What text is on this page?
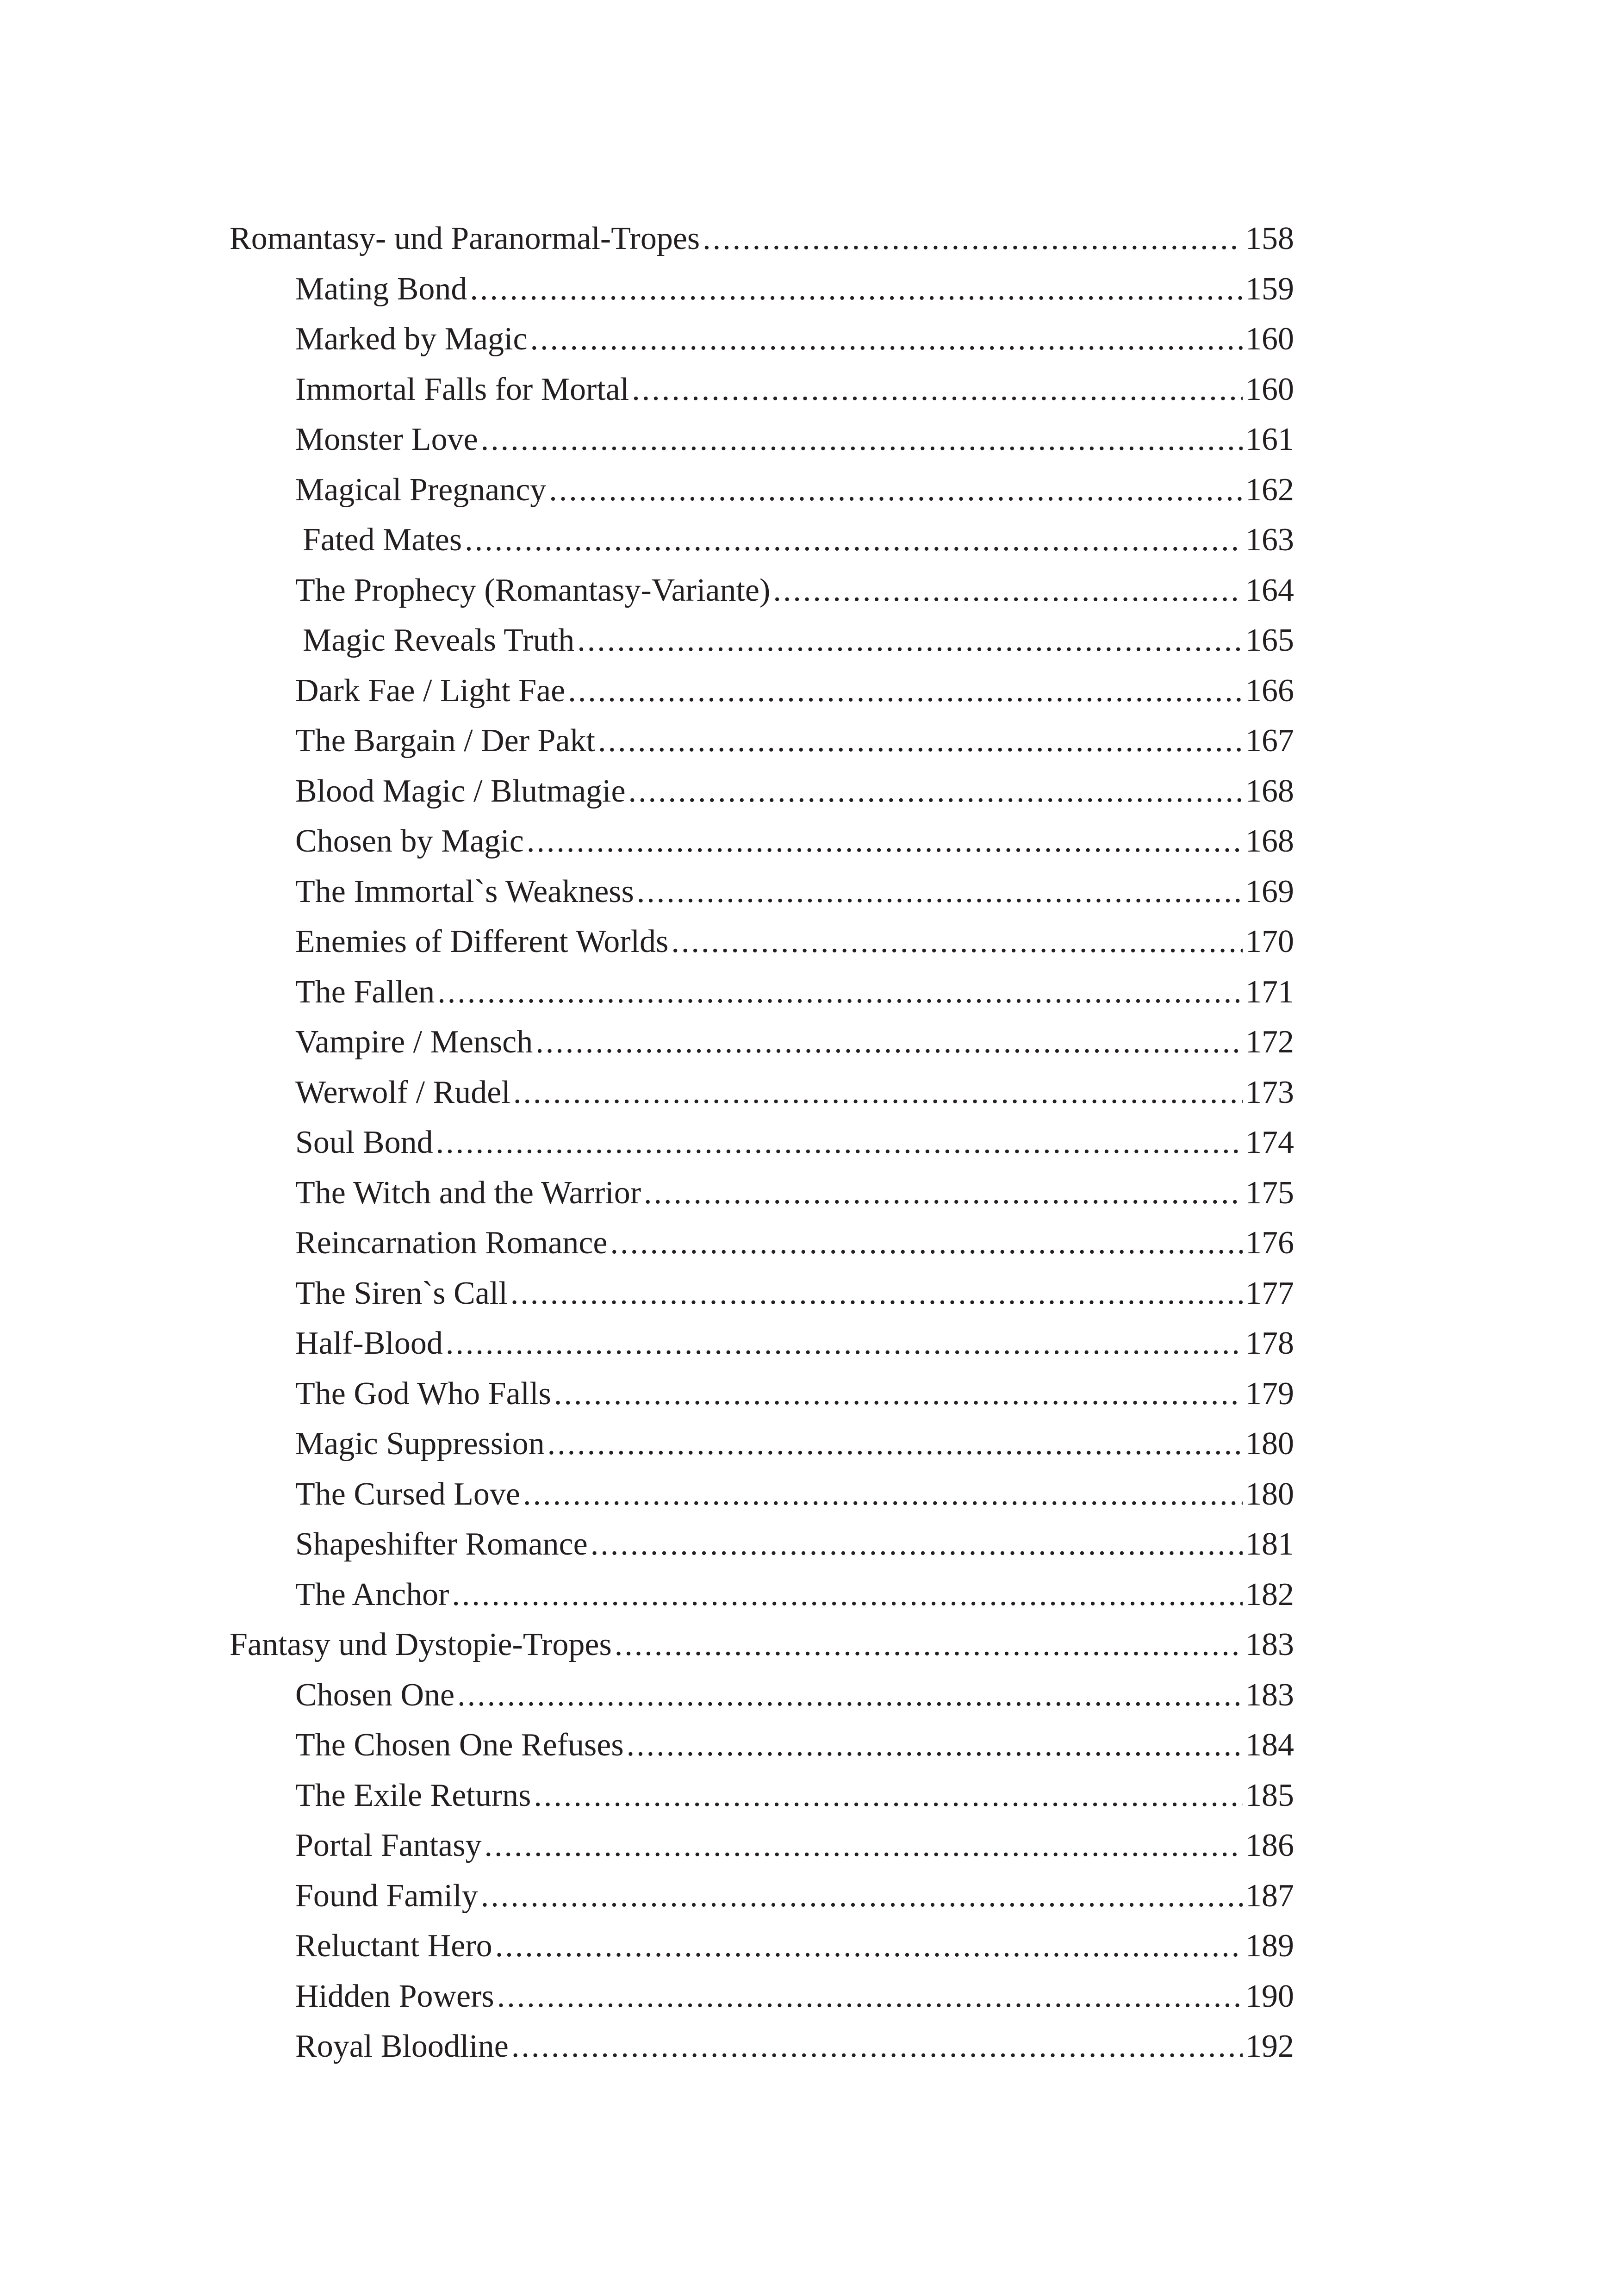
Romantasy- und Paranormal-Tropes .....	158
Mating Bond .....	159
Marked by Magic .....	160
Immortal Falls for Mortal .....	160
Monster Love .....	161
Magical Pregnancy .....	162
Fated Mates .....	163
The Prophecy (Romantasy-Variante) .....	164
Magic Reveals Truth .....	165
Dark Fae / Light Fae .....	166
The Bargain / Der Pakt .....	167
Blood Magic / Blutmagie .....	168
Chosen by Magic .....	168
The Immortal`s Weakness .....	169
Enemies of Different Worlds .....	170
The Fallen .....	171
Vampire / Mensch .....	172
Werwolf / Rudel .....	173
Soul Bond .....	174
The Witch and the Warrior .....	175
Reincarnation Romance .....	176
The Siren`s Call .....	177
Half-Blood .....	178
The God Who Falls .....	179
Magic Suppression .....	180
The Cursed Love .....	180
Shapeshifter Romance .....	181
The Anchor .....	182
Fantasy und Dystopie-Tropes .....	183
Chosen One .....	183
The Chosen One Refuses .....	184
The Exile Returns .....	185
Portal Fantasy .....	186
Found Family .....	187
Reluctant Hero .....	189
Hidden Powers .....	190
Royal Bloodline .....	192
